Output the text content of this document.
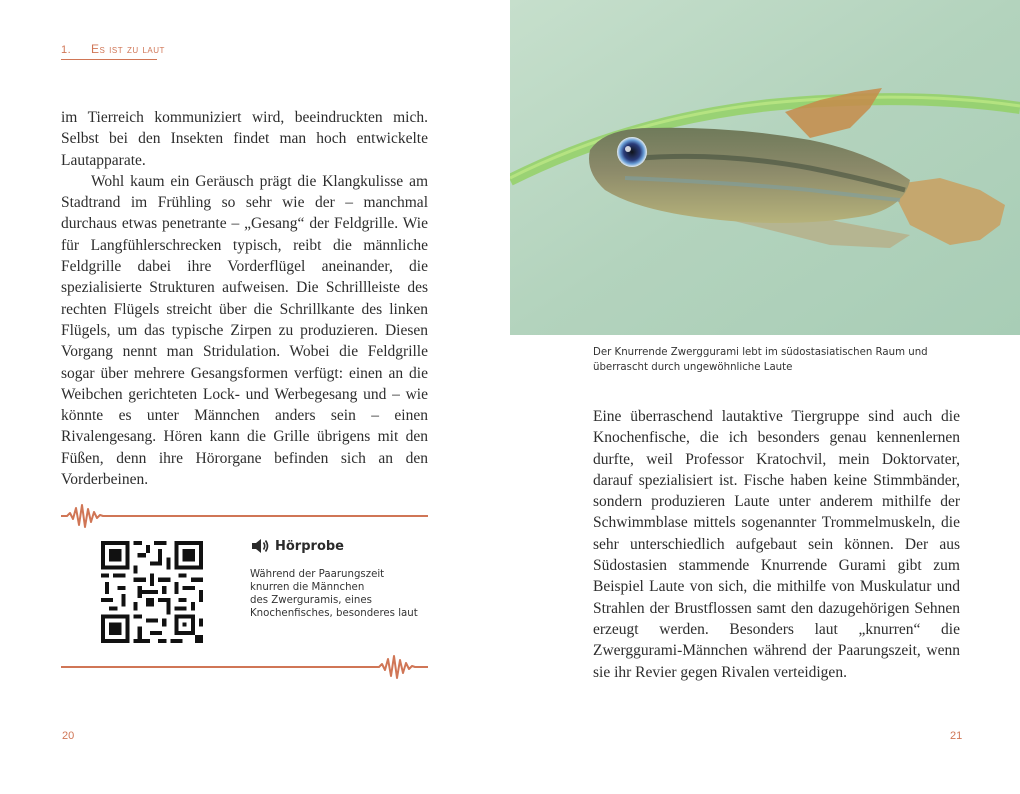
1. Es ist zu laut

im Tierreich kommuniziert wird, beeindruckten mich. Selbst bei den Insekten findet man hoch entwickelte Lautapparate.

Wohl kaum ein Geräusch prägt die Klangkulisse am Stadtrand im Frühling so sehr wie der – manchmal durchaus etwas penetrante – „Gesang“ der Feldgrille. Wie für Langfühlerschrecken typisch, reibt die männliche Feldgrille dabei ihre Vorderflügel aneinander, die spezialisierte Strukturen aufweisen. Die Schrillleiste des rechten Flügels streicht über die Schrillkante des linken Flügels, um das typische Zirpen zu produzieren. Diesen Vorgang nennt man Stridulation. Wobei die Feldgrille sogar über mehrere Gesangsformen verfügt: einen an die Weibchen gerichteten Lock- und Werbegesang und – wie könnte es unter Männchen anders sein – einen Rivalengesang. Hören kann die Grille übrigens mit den Füßen, denn ihre Hörorgane befinden sich an den Vorderbeinen.

Hörprobe
Während der Paarungszeit
knurren die Männchen
des Zwerguramis, eines
Knochenfisches, besonderes laut
20
Der Knurrende Zwerggurami lebt im südostasiatischen Raum und
überrascht durch ungewöhnliche Laute

Eine überraschend lautaktive Tiergruppe sind auch die Knochenfische, die ich besonders genau kennenlernen durfte, weil Professor Kratochvil, mein Doktorvater, darauf spezialisiert ist. Fische haben keine Stimmbänder, sondern produzieren Laute unter anderem mithilfe der Schwimmblase mittels sogenannter Trommelmuskeln, die sehr unterschiedlich aufgebaut sein können. Der aus Südostasien stammende Knurrende Gurami gibt zum Beispiel Laute von sich, die mithilfe von Muskulatur und Strahlen der Brustflossen samt den dazugehörigen Sehnen erzeugt werden. Besonders laut „knurren“ die Zwerggurami-Männchen während der Paarungszeit, wenn sie ihr Revier gegen Rivalen verteidigen.

21
